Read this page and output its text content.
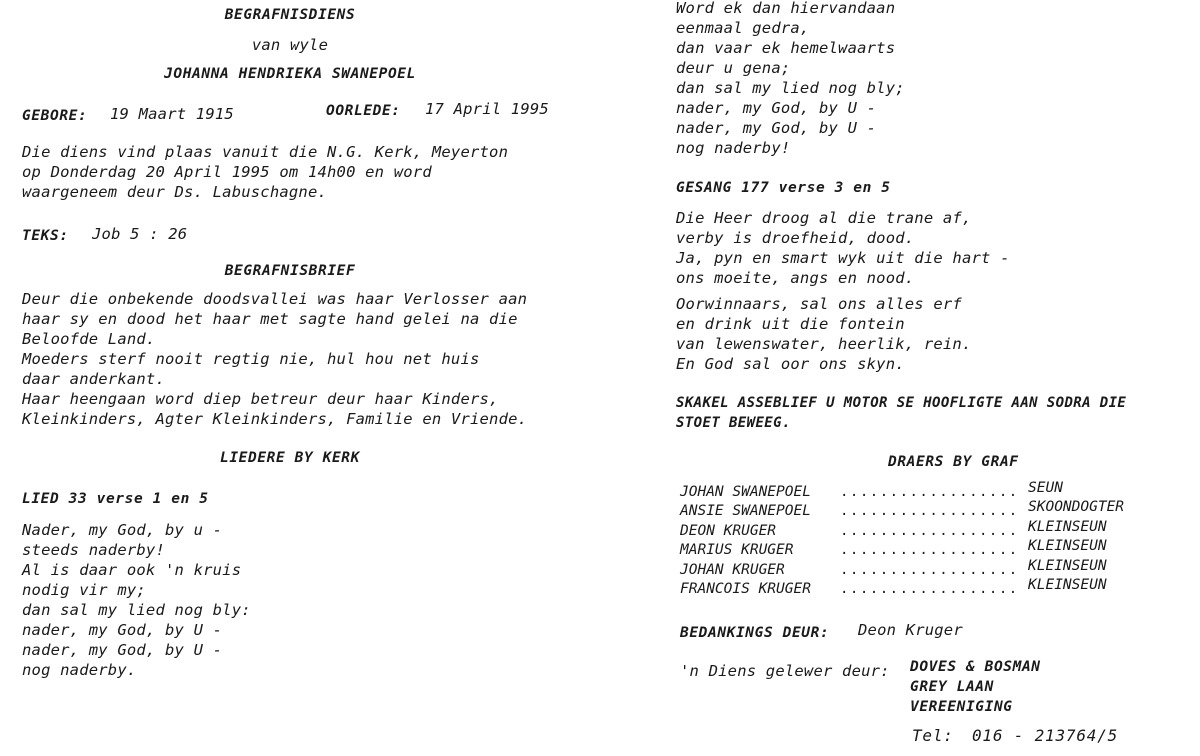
BEGRAFNISDIENS
van wyle
JOHANNA HENDRIEKA SWANEPOEL
GEBORE: 19 Maart 1915	OORLEDE: 17 April 1995
Die diens vind plaas vanuit die N.G. Kerk, Meyerton
op Donderdag 20 April 1995 om 14h00 en word
waargeneem deur Ds. Labuschagne.
TEKS: Job 5 : 26
BEGRAFNISBRIEF
Deur die onbekende doodsvallei was haar Verlosser aan
haar sy en dood het haar met sagte hand gelei na die
Beloofde Land.
Moeders sterf nooit regtig nie, hul hou net huis
daar anderkant.
Haar heengaan word diep betreur deur haar Kinders,
Kleinkinders, Agter Kleinkinders, Familie en Vriende.
LIEDERE BY KERK
LIED 33 verse 1 en 5
Nader, my God, by u -
steeds naderby!
Al is daar ook 'n kruis
nodig vir my;
dan sal my lied nog bly:
nader, my God, by U -
nader, my God, by U -
nog naderby.
Word ek dan hiervandaan
eenmaal gedra,
dan vaar ek hemelwaarts
deur u gena;
dan sal my lied nog bly;
nader, my God, by U -
nader, my God, by U -
nog naderby!
GESANG 177 verse 3 en 5
Die Heer droog al die trane af,
verby is droefheid, dood.
Ja, pyn en smart wyk uit die hart -
ons moeite, angs en nood.
Oorwinnaars, sal ons alles erf
en drink uit die fontein
van lewenswater, heerlik, rein.
En God sal oor ons skyn.
SKAKEL ASSEBLIEF U MOTOR SE HOOFLIGTE AAN SODRA DIE
STOET BEWEEG.
DRAERS BY GRAF
JOHAN SWANEPOEL .................. SEUN
ANSIE SWANEPOEL .................. SKOONDOGTER
DEON KRUGER	.................. KLEINSEUN
MARIUS KRUGER	.................. KLEINSEUN
JOHAN KRUGER	.................. KLEINSEUN
FRANCOIS KRUGER .................. KLEINSEUN
BEDANKINGS DEUR: Deon Kruger
'n Diens gelewer deur: DOVES & BOSMAN
GREY LAAN
VEREENIGING
Tel: 016 - 213764/5
